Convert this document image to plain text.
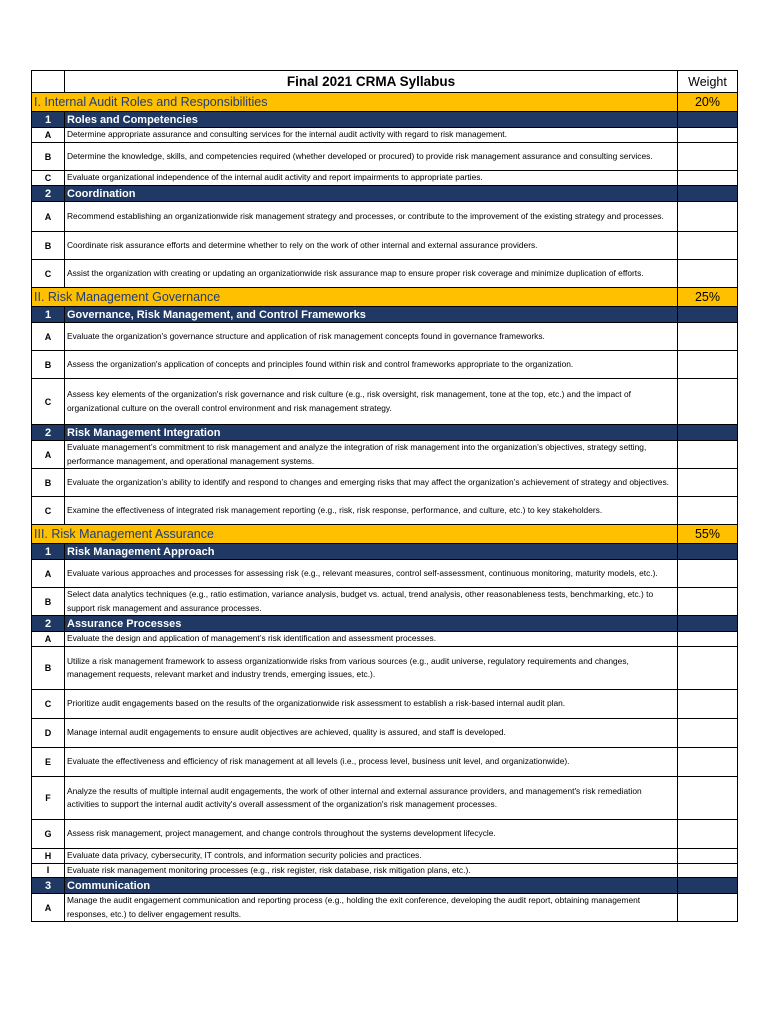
	Final 2021 CRMA Syllabus	Weight
I. Internal Audit Roles and Responsibilities		20%
1	Roles and Competencies	
A	Determine appropriate assurance and consulting services for the internal audit activity with regard to risk management.	
B	Determine the knowledge, skills, and competencies required (whether developed or procured) to provide risk management assurance and consulting services.	
C	Evaluate organizational independence of the internal audit activity and report impairments to appropriate parties.	
2	Coordination	
A	Recommend establishing an organizationwide risk management strategy and processes, or contribute to the improvement of the existing strategy and processes.	
B	Coordinate risk assurance efforts and determine whether to rely on the work of other internal and external assurance providers.	
C	Assist the organization with creating or updating an organizationwide risk assurance map to ensure proper risk coverage and minimize duplication of efforts.	
II. Risk Management Governance		25%
1	Governance, Risk Management, and Control Frameworks	
A	Evaluate the organization's governance structure and application of risk management concepts found in governance frameworks.	
B	Assess the organization's application of concepts and principles found within risk and control frameworks appropriate to the organization.	
C	Assess key elements of the organization's risk governance and risk culture (e.g., risk oversight, risk management, tone at the top, etc.) and the impact of organizational culture on the overall control environment and risk management strategy.	
2	Risk Management Integration	
A	Evaluate management’s commitment to risk management and analyze the integration of risk management into the organization’s objectives, strategy setting, performance management, and operational management systems.	
B	Evaluate the organization’s ability to identify and respond to changes and emerging risks that may affect the organization’s achievement of strategy and objectives.	
C	Examine the effectiveness of integrated risk management reporting (e.g., risk, risk response, performance, and culture, etc.) to key stakeholders.	
III. Risk Management Assurance		55%
1	Risk Management Approach	
A	Evaluate various approaches and processes for assessing risk (e.g., relevant measures, control self-assessment, continuous monitoring, maturity models, etc.).	
B	Select data analytics techniques (e.g., ratio estimation, variance analysis, budget vs. actual, trend analysis, other reasonableness tests, benchmarking, etc.) to support risk management and assurance processes.	
2	Assurance Processes	
A	Evaluate the design and application of management’s risk identification and assessment processes.	
B	Utilize a risk management framework to assess organizationwide risks from various sources (e.g., audit universe, regulatory requirements and changes, management requests, relevant market and industry trends, emerging issues, etc.).	
C	Prioritize audit engagements based on the results of the organizationwide risk assessment to establish a risk-based internal audit plan.	
D	Manage internal audit engagements to ensure audit objectives are achieved, quality is assured, and staff is developed.	
E	Evaluate the effectiveness and efficiency of risk management at all levels (i.e., process level, business unit level, and organizationwide).	
F	Analyze the results of multiple internal audit engagements, the work of other internal and external assurance providers, and management's risk remediation activities to support the internal audit activity's overall assessment of the organization's risk management processes.	
G	Assess risk management, project management, and change controls throughout the systems development lifecycle.	
H	Evaluate data privacy, cybersecurity, IT controls, and information security policies and practices.	
I	Evaluate risk management monitoring processes (e.g., risk register, risk database, risk mitigation plans, etc.).	
3	Communication	
A	Manage the audit engagement communication and reporting process (e.g., holding the exit conference, developing the audit report, obtaining management responses, etc.) to deliver engagement results.	
